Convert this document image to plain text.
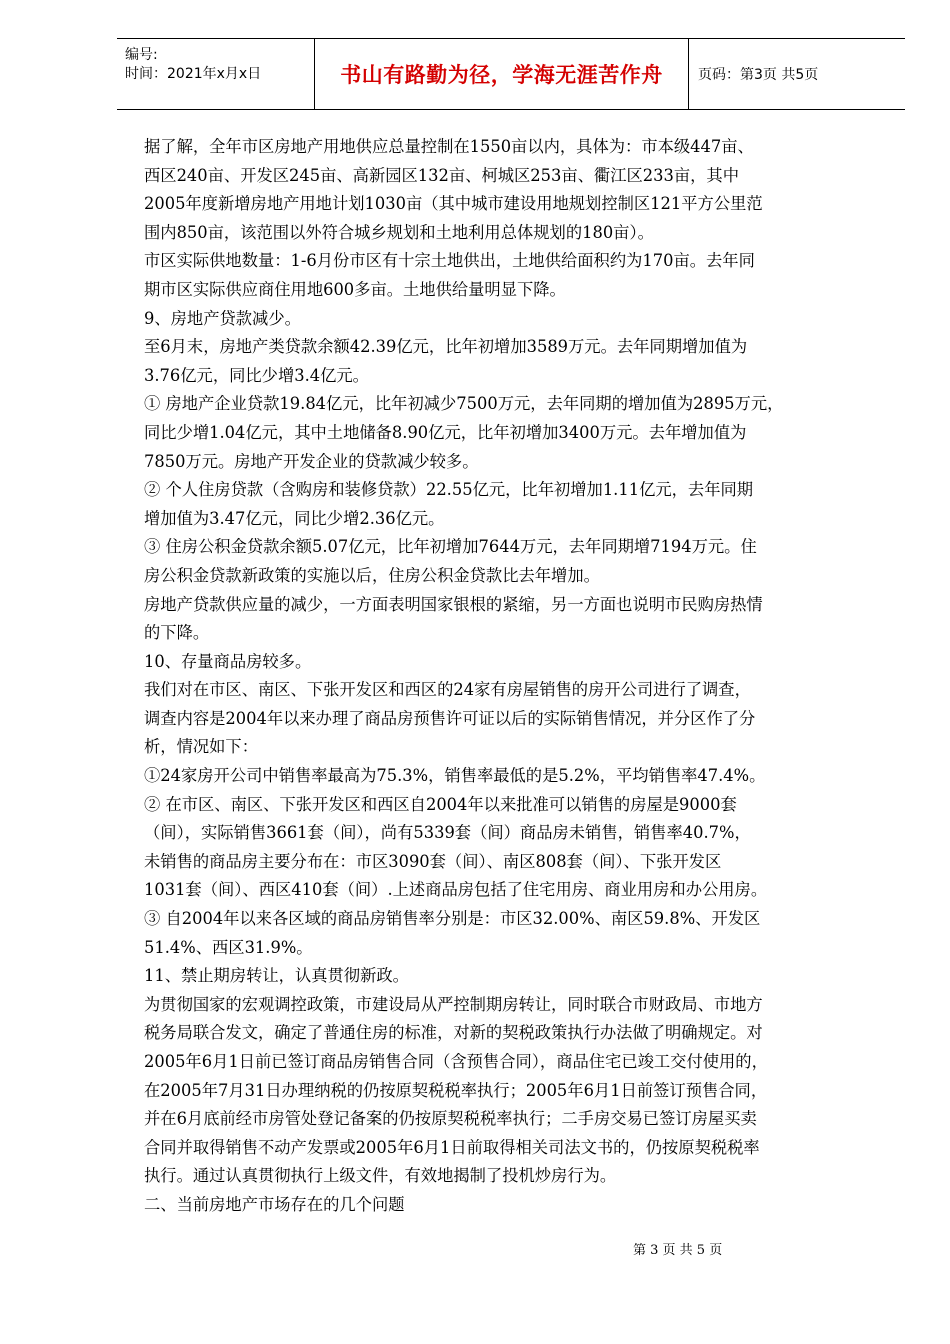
编号:
时间：2021年x月x日	书山有路勤为径，学海无涯苦作舟	页码：第3页 共5页
据了解，全年市区房地产用地供应总量控制在1550亩以内，具体为：市本级447亩、
西区240亩、开发区245亩、高新园区132亩、柯城区253亩、衢江区233亩，其中
2005年度新增房地产用地计划1030亩（其中城市建设用地规划控制区121平方公里范
围内850亩，该范围以外符合城乡规划和土地利用总体规划的180亩）。
市区实际供地数量：1-6月份市区有十宗土地供出，土地供给面积约为170亩。去年同
期市区实际供应商住用地600多亩。土地供给量明显下降。
9、房地产贷款减少。
至6月末，房地产类贷款余额42.39亿元，比年初增加3589万元。去年同期增加值为
3.76亿元，同比少增3.4亿元。
① 房地产企业贷款19.84亿元，比年初减少7500万元，去年同期的增加值为2895万元，
同比少增1.04亿元，其中土地储备8.90亿元，比年初增加3400万元。去年增加值为
7850万元。房地产开发企业的贷款减少较多。
② 个人住房贷款（含购房和装修贷款）22.55亿元，比年初增加1.11亿元，去年同期
增加值为3.47亿元，同比少增2.36亿元。
③ 住房公积金贷款余额5.07亿元，比年初增加7644万元，去年同期增7194万元。住
房公积金贷款新政策的实施以后，住房公积金贷款比去年增加。
房地产贷款供应量的减少，一方面表明国家银根的紧缩，另一方面也说明市民购房热情
的下降。
10、存量商品房较多。
我们对在市区、南区、下张开发区和西区的24家有房屋销售的房开公司进行了调查，
调查内容是2004年以来办理了商品房预售许可证以后的实际销售情况，并分区作了分
析，情况如下：
①24家房开公司中销售率最高为75.3%，销售率最低的是5.2%，平均销售率47.4%。
② 在市区、南区、下张开发区和西区自2004年以来批准可以销售的房屋是9000套
（间），实际销售3661套（间），尚有5339套（间）商品房未销售，销售率40.7%，
未销售的商品房主要分布在：市区3090套（间）、南区808套（间）、下张开发区
1031套（间）、西区410套（间）.上述商品房包括了住宅用房、商业用房和办公用房。
③ 自2004年以来各区域的商品房销售率分别是：市区32.00%、南区59.8%、开发区
51.4%、西区31.9%。
11、禁止期房转让，认真贯彻新政。
为贯彻国家的宏观调控政策，市建设局从严控制期房转让，同时联合市财政局、市地方
税务局联合发文，确定了普通住房的标准，对新的契税政策执行办法做了明确规定。对
2005年6月1日前已签订商品房销售合同（含预售合同），商品住宅已竣工交付使用的，
在2005年7月31日办理纳税的仍按原契税税率执行；2005年6月1日前签订预售合同，
并在6月底前经市房管处登记备案的仍按原契税税率执行；二手房交易已签订房屋买卖
合同并取得销售不动产发票或2005年6月1日前取得相关司法文书的，仍按原契税税率
执行。通过认真贯彻执行上级文件，有效地揭制了投机炒房行为。
二、当前房地产市场存在的几个问题
第 3 页 共 5 页
